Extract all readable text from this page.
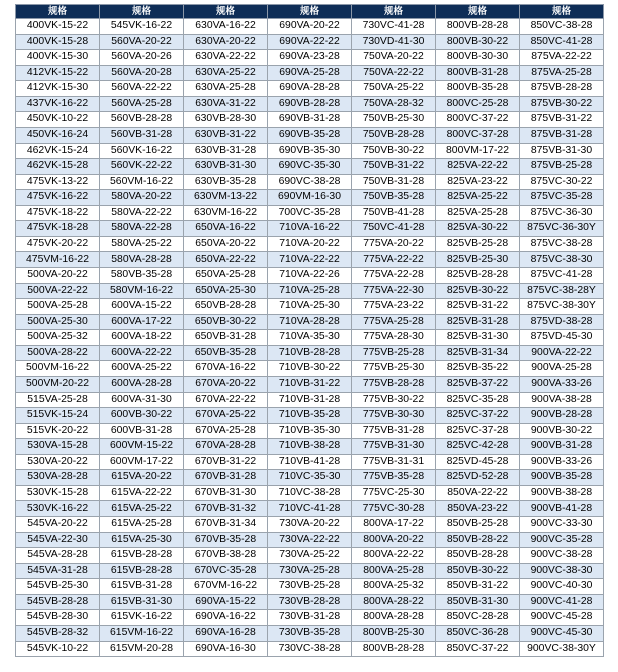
规格	规格	规格	规格	规格	规格	规格
400VK-15-22	545VK-16-22	630VA-16-22	690VA-20-22	730VC-41-28	800VB-28-28	850VC-38-28
400VK-15-28	560VA-20-22	630VA-20-22	690VA-22-22	730VD-41-30	800VB-30-22	850VC-41-28
400VK-15-30	560VA-20-26	630VA-22-22	690VA-23-28	750VA-20-22	800VB-30-30	875VA-22-22
412VK-15-22	560VA-20-28	630VA-25-22	690VA-25-28	750VA-22-22	800VB-31-28	875VA-25-28
412VK-15-30	560VA-22-22	630VA-25-28	690VA-28-28	750VA-25-22	800VB-35-28	875VB-28-28
437VK-16-22	560VA-25-28	630VA-31-22	690VB-28-28	750VA-28-32	800VC-25-28	875VB-30-22
450VK-10-22	560VB-28-28	630VB-28-30	690VB-31-28	750VB-25-30	800VC-37-22	875VB-31-22
450VK-16-24	560VB-31-28	630VB-31-22	690VB-35-28	750VB-28-28	800VC-37-28	875VB-31-28
462VK-15-24	560VK-16-22	630VB-31-28	690VB-35-30	750VB-30-22	800VM-17-22	875VB-31-30
462VK-15-28	560VK-22-22	630VB-31-30	690VC-35-30	750VB-31-22	825VA-22-22	875VB-25-28
475VK-13-22	560VM-16-22	630VB-35-28	690VC-38-28	750VB-31-28	825VA-23-22	875VC-30-22
475VK-16-22	580VA-20-22	630VM-13-22	690VM-16-30	750VB-35-28	825VA-25-22	875VC-35-28
475VK-18-22	580VA-22-22	630VM-16-22	700VC-35-28	750VB-41-28	825VA-25-28	875VC-36-30
475VK-18-28	580VA-22-28	650VA-16-22	710VA-16-22	750VC-41-28	825VA-30-22	875VC-36-30Y
475VK-20-22	580VA-25-22	650VA-20-22	710VA-20-22	775VA-20-22	825VB-25-28	875VC-38-28
475VM-16-22	580VA-28-28	650VA-22-22	710VA-22-22	775VA-22-22	825VB-25-30	875VC-38-30
500VA-20-22	580VB-35-28	650VA-25-28	710VA-22-26	775VA-22-28	825VB-28-28	875VC-41-28
500VA-22-22	580VM-16-22	650VA-25-30	710VA-25-28	775VA-22-30	825VB-30-22	875VC-38-28Y
500VA-25-28	600VA-15-22	650VB-28-28	710VA-25-30	775VA-23-22	825VB-31-22	875VC-38-30Y
500VA-25-30	600VA-17-22	650VB-30-22	710VA-28-28	775VA-25-28	825VB-31-28	875VD-38-28
500VA-25-32	600VA-18-22	650VB-31-28	710VA-35-30	775VA-28-30	825VB-31-30	875VD-45-30
500VA-28-22	600VA-22-22	650VB-35-28	710VB-28-28	775VB-25-28	825VB-31-34	900VA-22-22
500VM-16-22	600VA-25-22	670VA-16-22	710VB-30-22	775VB-25-30	825VB-35-22	900VA-25-28
500VM-20-22	600VA-28-28	670VA-20-22	710VB-31-22	775VB-28-28	825VB-37-22	900VA-33-26
515VA-25-28	600VA-31-30	670VA-22-22	710VB-31-28	775VB-30-22	825VC-35-28	900VA-38-28
515VK-15-24	600VB-30-22	670VA-25-22	710VB-35-28	775VB-30-30	825VC-37-22	900VB-28-28
515VK-20-22	600VB-31-28	670VA-25-28	710VB-35-30	775VB-31-28	825VC-37-28	900VB-30-22
530VA-15-28	600VM-15-22	670VA-28-28	710VB-38-28	775VB-31-30	825VC-42-28	900VB-31-28
530VA-20-22	600VM-17-22	670VB-31-22	710VB-41-28	775VB-31-31	825VD-45-28	900VB-33-26
530VA-28-28	615VA-20-22	670VB-31-28	710VC-35-30	775VB-35-28	825VD-52-28	900VB-35-28
530VK-15-28	615VA-22-22	670VB-31-30	710VC-38-28	775VC-25-30	850VA-22-22	900VB-38-28
530VK-16-22	615VA-25-22	670VB-31-32	710VC-41-28	775VC-30-28	850VA-23-22	900VB-41-28
545VA-20-22	615VA-25-28	670VB-31-34	730VA-20-22	800VA-17-22	850VB-25-28	900VC-33-30
545VA-22-30	615VA-25-30	670VB-35-28	730VA-22-22	800VA-20-22	850VB-28-22	900VC-35-28
545VA-28-28	615VB-28-28	670VB-38-28	730VA-25-22	800VA-22-22	850VB-28-28	900VC-38-28
545VA-31-28	615VB-28-28	670VC-35-28	730VA-25-28	800VA-25-28	850VB-30-22	900VC-38-30
545VB-25-30	615VB-31-28	670VM-16-22	730VB-25-28	800VA-25-32	850VB-31-22	900VC-40-30
545VB-28-28	615VB-31-30	690VA-15-22	730VB-28-28	800VA-28-22	850VB-31-30	900VC-41-28
545VB-28-30	615VK-16-22	690VA-16-22	730VB-31-28	800VA-28-28	850VC-28-28	900VC-45-28
545VB-28-32	615VM-16-22	690VA-16-28	730VB-35-28	800VB-25-30	850VC-36-28	900VC-45-30
545VK-10-22	615VM-20-28	690VA-16-30	730VC-38-28	800VB-28-28	850VC-37-22	900VC-38-30Y
